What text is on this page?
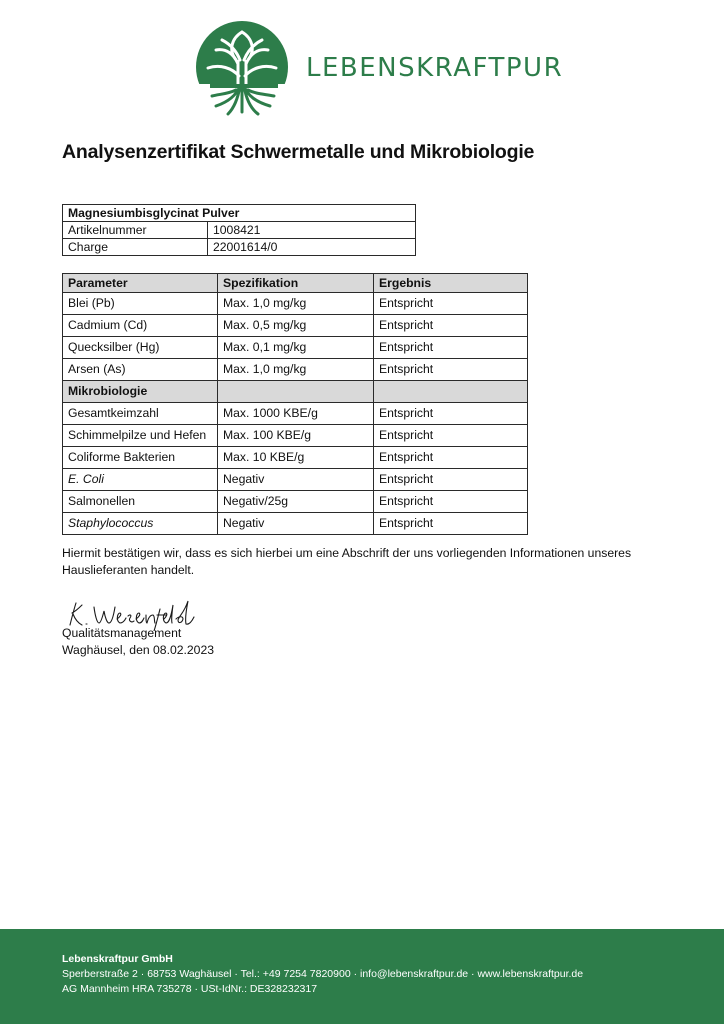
LEBENSKRAFTPUR
Analysenzertifikat Schwermetalle und Mikrobiologie
Magnesiumbisglycinat Pulver	
Artikelnummer	1008421
Charge	22001614/0
Parameter	Spezifikation	Ergebnis
Blei (Pb)	Max. 1,0 mg/kg	Entspricht
Cadmium (Cd)	Max. 0,5 mg/kg	Entspricht
Quecksilber (Hg)	Max. 0,1 mg/kg	Entspricht
Arsen (As)	Max. 1,0 mg/kg	Entspricht
Mikrobiologie		
Gesamtkeimzahl	Max. 1000 KBE/g	Entspricht
Schimmelpilze und Hefen	Max. 100 KBE/g	Entspricht
Coliforme Bakterien	Max. 10 KBE/g	Entspricht
E. Coli	Negativ	Entspricht
Salmonellen	Negativ/25g	Entspricht
Staphylococcus	Negativ	Entspricht
Hiermit bestätigen wir, dass es sich hierbei um eine Abschrift der uns vorliegenden Informationen unseres Hauslieferanten handelt.
Qualitätsmanagement
Waghäusel, den 08.02.2023
Lebenskraftpur GmbH
Sperberstraße 2 · 68753 Waghäusel · Tel.: +49 7254 7820900 · info@lebenskraftpur.de · www.lebenskraftpur.de
AG Mannheim HRA 735278 · USt-IdNr.: DE328232317
